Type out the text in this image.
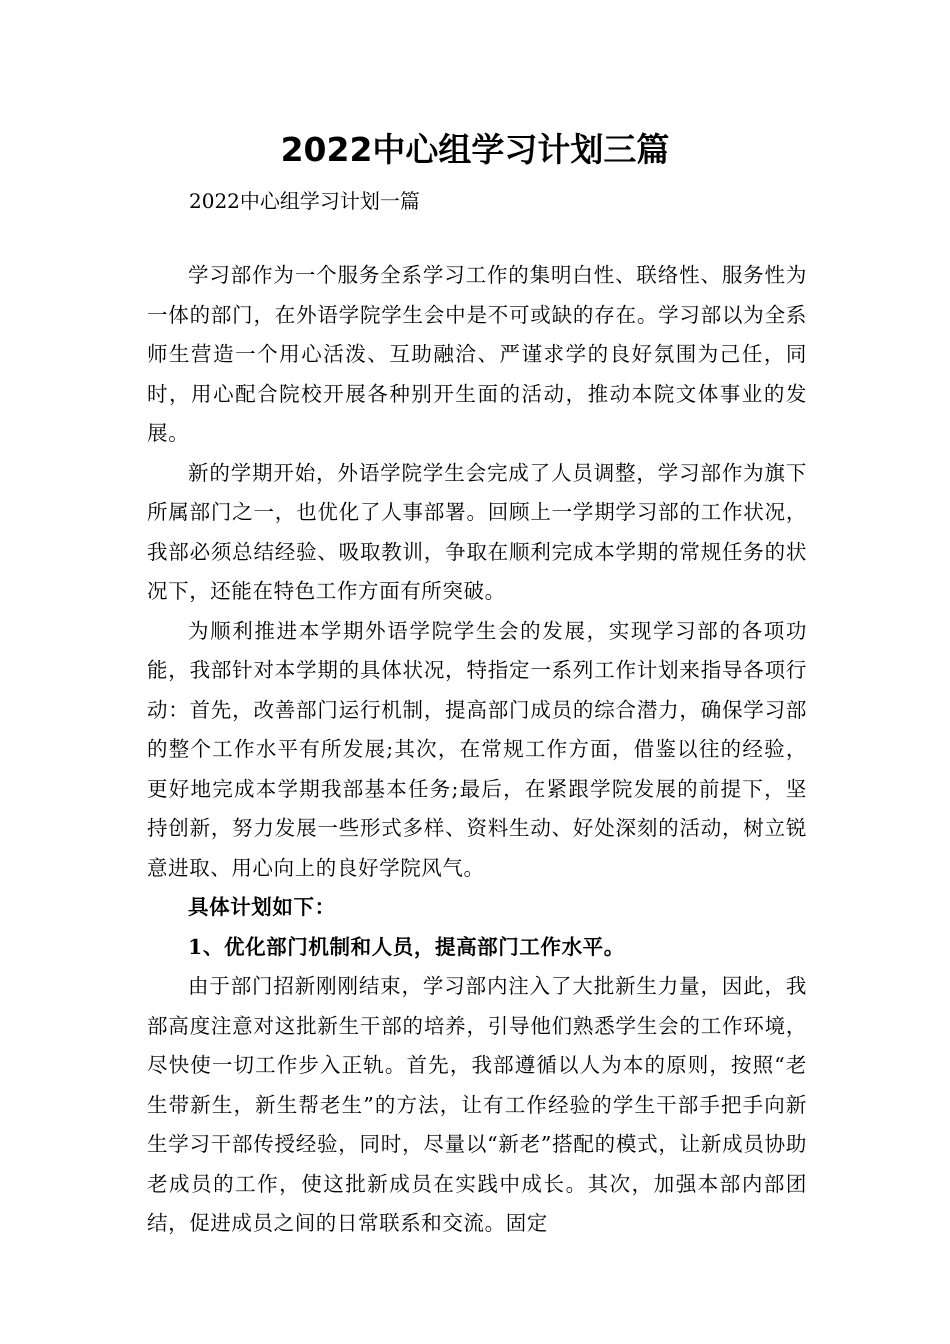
2022中心组学习计划三篇

2022中心组学习计划一篇

学习部作为一个服务全系学习工作的集明白性、联络性、服务性为一体的部门，在外语学院学生会中是不可或缺的存在。学习部以为全系师生营造一个用心活泼、互助融洽、严谨求学的良好氛围为己任，同时，用心配合院校开展各种别开生面的活动，推动本院文体事业的发展。

新的学期开始，外语学院学生会完成了人员调整，学习部作为旗下所属部门之一，也优化了人事部署。回顾上一学期学习部的工作状况，我部必须总结经验、吸取教训，争取在顺利完成本学期的常规任务的状况下，还能在特色工作方面有所突破。

为顺利推进本学期外语学院学生会的发展，实现学习部的各项功能，我部针对本学期的具体状况，特指定一系列工作计划来指导各项行动：首先，改善部门运行机制，提高部门成员的综合潜力，确保学习部的整个工作水平有所发展;其次，在常规工作方面，借鉴以往的经验，更好地完成本学期我部基本任务;最后，在紧跟学院发展的前提下，坚持创新，努力发展一些形式多样、资料生动、好处深刻的活动，树立锐意进取、用心向上的良好学院风气。

具体计划如下：

1、优化部门机制和人员，提高部门工作水平。

由于部门招新刚刚结束，学习部内注入了大批新生力量，因此，我部高度注意对这批新生干部的培养，引导他们熟悉学生会的工作环境，尽快使一切工作步入正轨。首先，我部遵循以人为本的原则，按照“老生带新生，新生帮老生”的方法，让有工作经验的学生干部手把手向新生学习干部传授经验，同时，尽量以“新老”搭配的模式，让新成员协助老成员的工作，使这批新成员在实践中成长。其次，加强本部内部团结，促进成员之间的日常联系和交流。固定
